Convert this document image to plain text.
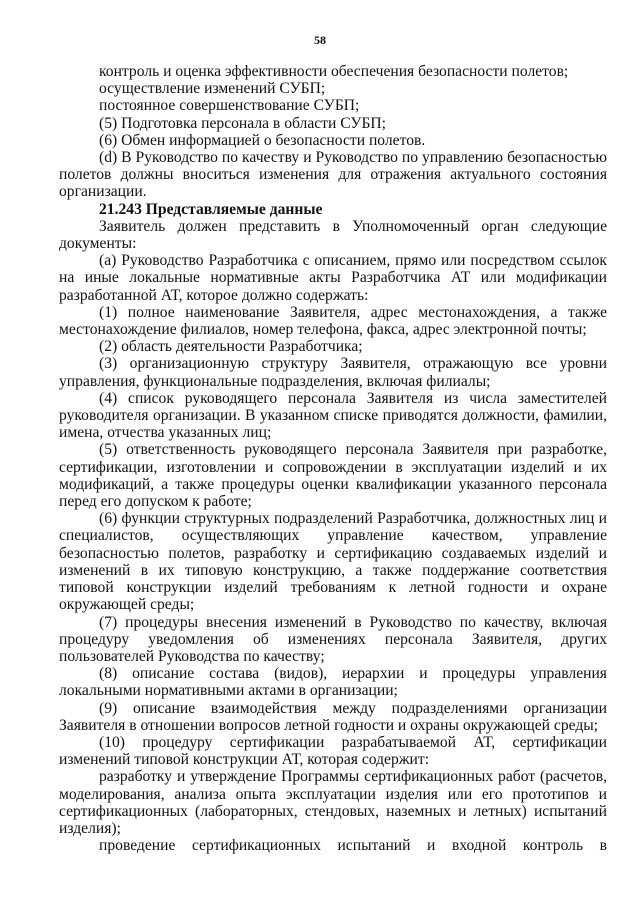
58

контроль и оценка эффективности обеспечения безопасности полетов;

осуществление изменений СУБП;

постоянное совершенствование СУБП;

(5) Подготовка персонала в области СУБП;

(6) Обмен информацией о безопасности полетов.

(d) В Руководство по качеству и Руководство по управлению безопасностью полетов должны вноситься изменения для отражения актуального состояния организации.

21.243 Представляемые данные

Заявитель должен представить в Уполномоченный орган следующие документы:

(a) Руководство Разработчика с описанием, прямо или посредством ссылок на иные локальные нормативные акты Разработчика АТ или модификации разработанной АТ, которое должно содержать:

(1) полное наименование Заявителя, адрес местонахождения, а также местонахождение филиалов, номер телефона, факса, адрес электронной почты;

(2) область деятельности Разработчика;

(3) организационную структуру Заявителя, отражающую все уровни управления, функциональные подразделения, включая филиалы;

(4) список руководящего персонала Заявителя из числа заместителей руководителя организации. В указанном списке приводятся должности, фамилии, имена, отчества указанных лиц;

(5) ответственность руководящего персонала Заявителя при разработке, сертификации, изготовлении и сопровождении в эксплуатации изделий и их модификаций, а также процедуры оценки квалификации указанного персонала перед его допуском к работе;

(6) функции структурных подразделений Разработчика, должностных лиц и специалистов, осуществляющих управление качеством, управление безопасностью полетов, разработку и сертификацию создаваемых изделий и изменений в их типовую конструкцию, а также поддержание соответствия типовой конструкции изделий требованиям к летной годности и охране окружающей среды;

(7) процедуры внесения изменений в Руководство по качеству, включая процедуру уведомления об изменениях персонала Заявителя, других пользователей Руководства по качеству;

(8) описание состава (видов), иерархии и процедуры управления локальными нормативными актами в организации;

(9) описание взаимодействия между подразделениями организации Заявителя в отношении вопросов летной годности и охраны окружающей среды;

(10) процедуру сертификации разрабатываемой АТ, сертификации изменений типовой конструкции АТ, которая содержит:

разработку и утверждение Программы сертификационных работ (расчетов, моделирования, анализа опыта эксплуатации изделия или его прототипов и сертификационных (лабораторных, стендовых, наземных и летных) испытаний изделия);

проведение сертификационных испытаний и входной контроль в
